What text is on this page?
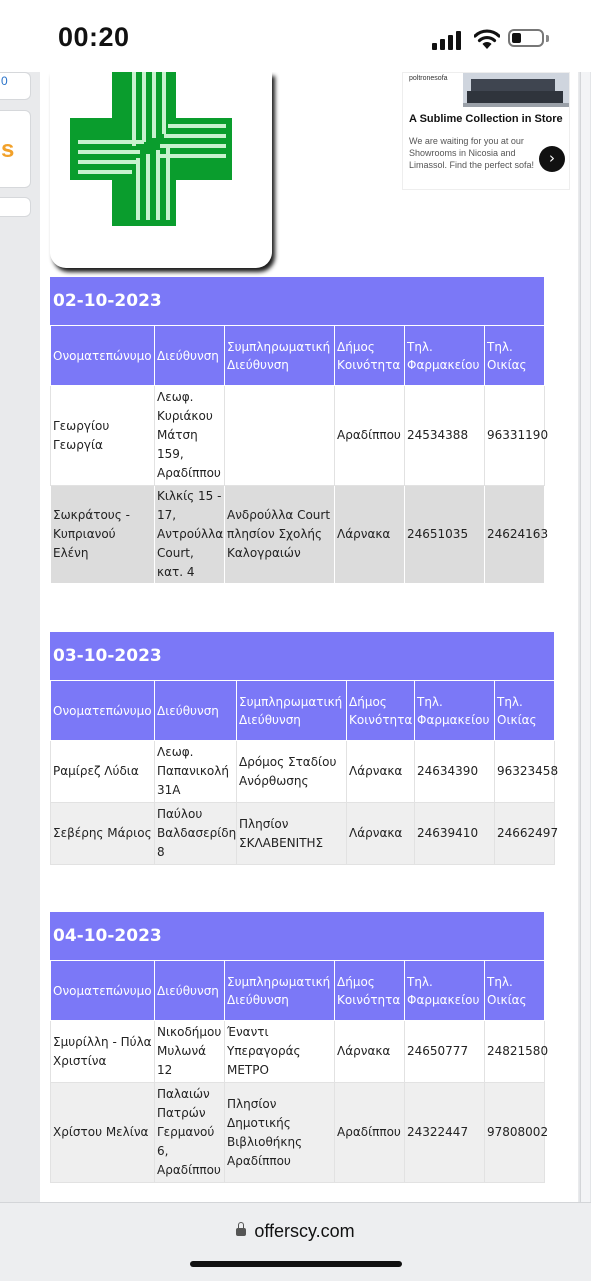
00:20
0
s
poltronesofa
A Sublime Collection in Store
We are waiting for you at our Showrooms in Nicosia and Limassol. Find the perfect sofa! ›
02-10-2023
Ονοματεπώνυμο	Διεύθυνση	Συμπληρωματική Διεύθυνση	Δήμος Κοινότητα	Τηλ. Φαρμακείου	Τηλ. Οικίας
Γεωργίου Γεωργία	Λεωφ. Κυριάκου Μάτση 159, Αραδίππου		Αραδίππου	24534388	96331190
Σωκράτους - Κυπριανού Ελένη	Κιλκίς 15 - 17, Αντρούλλα Court, κατ. 4	Ανδρούλλα Court πλησίον Σχολής Καλογραιών	Λάρνακα	24651035	24624163
03-10-2023
Ονοματεπώνυμο	Διεύθυνση	Συμπληρωματική Διεύθυνση	Δήμος Κοινότητα	Τηλ. Φαρμακείου	Τηλ. Οικίας
Ραμίρεζ Λύδια	Λεωφ. Παπανικολή 31Α	Δρόμος Σταδίου Ανόρθωσης	Λάρνακα	24634390	96323458
Σεβέρης Μάριος	Παύλου Βαλδασερίδη 8	Πλησίον ΣΚΛΑΒΕΝΙΤΗΣ	Λάρνακα	24639410	24662497
04-10-2023
Ονοματεπώνυμο	Διεύθυνση	Συμπληρωματική Διεύθυνση	Δήμος Κοινότητα	Τηλ. Φαρμακείου	Τηλ. Οικίας
Σμυρίλλη - Πύλα Χριστίνα	Νικοδήμου Μυλωνά 12	Έναντι Υπεραγοράς ΜΕΤΡΟ	Λάρνακα	24650777	24821580
Χρίστου Μελίνα	Παλαιών Πατρών Γερμανού 6, Αραδίππου	Πλησίον Δημοτικής Βιβλιοθήκης Αραδίππου	Αραδίππου	24322447	97808002
offerscy.com
